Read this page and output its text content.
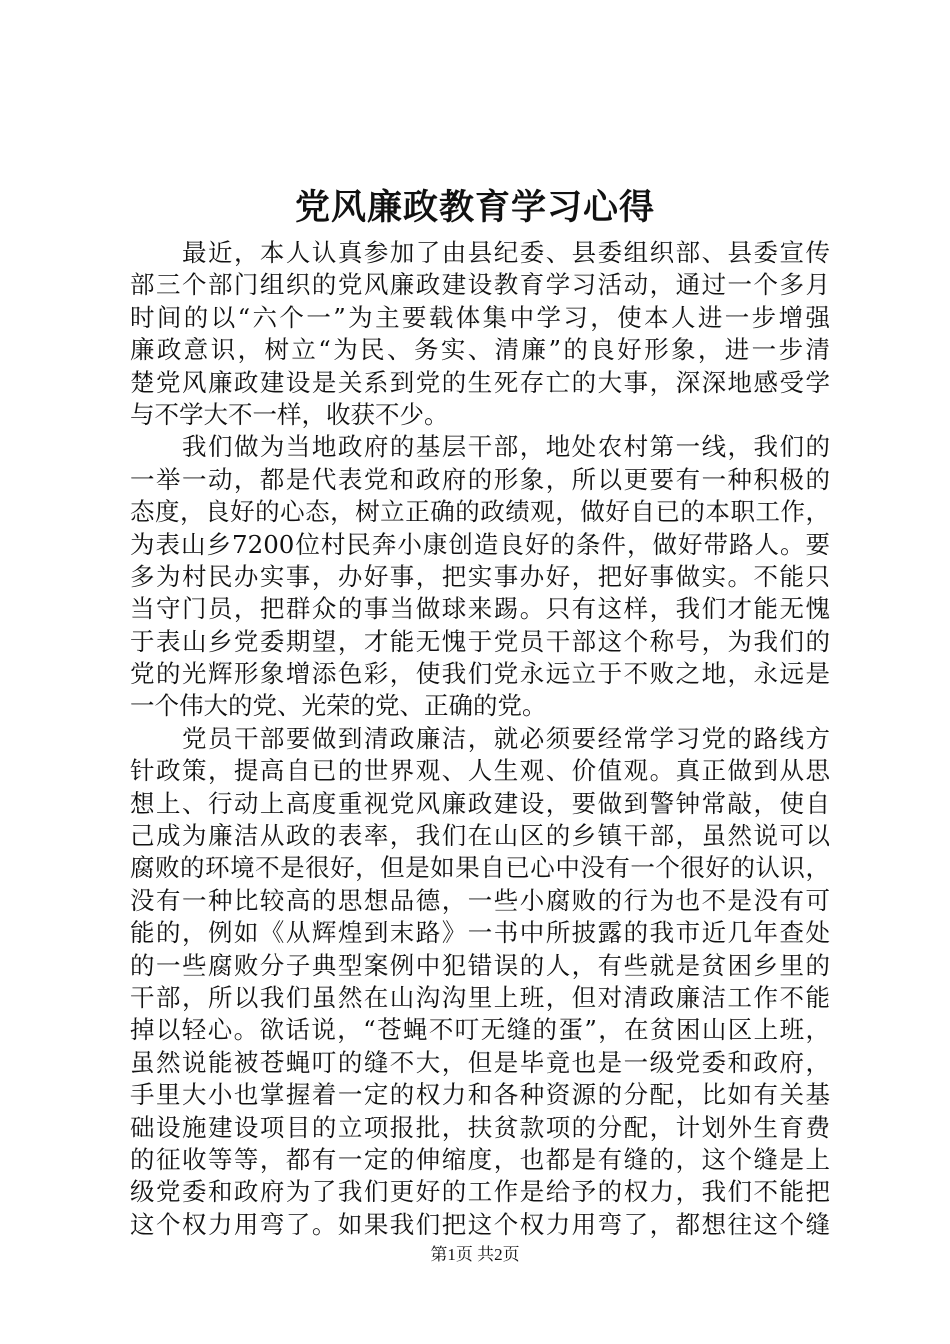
党风廉政教育学习心得
最近，本人认真参加了由县纪委、县委组织部、县委宣传
部三个部门组织的党风廉政建设教育学习活动，通过一个多月
时间的以“六个一”为主要载体集中学习，使本人进一步增强
廉政意识，树立“为民、务实、清廉”的良好形象，进一步清
楚党风廉政建设是关系到党的生死存亡的大事，深深地感受学
与不学大不一样，收获不少。
我们做为当地政府的基层干部，地处农村第一线，我们的
一举一动，都是代表党和政府的形象，所以更要有一种积极的
态度，良好的心态，树立正确的政绩观，做好自已的本职工作，
为表山乡7200位村民奔小康创造良好的条件，做好带路人。要
多为村民办实事，办好事，把实事办好，把好事做实。不能只
当守门员，把群众的事当做球来踢。只有这样，我们才能无愧
于表山乡党委期望，才能无愧于党员干部这个称号，为我们的
党的光辉形象增添色彩，使我们党永远立于不败之地，永远是
一个伟大的党、光荣的党、正确的党。
党员干部要做到清政廉洁，就必须要经常学习党的路线方
针政策，提高自已的世界观、人生观、价值观。真正做到从思
想上、行动上高度重视党风廉政建设，要做到警钟常敲，使自
己成为廉洁从政的表率，我们在山区的乡镇干部，虽然说可以
腐败的环境不是很好，但是如果自已心中没有一个很好的认识，
没有一种比较高的思想品德，一些小腐败的行为也不是没有可
能的，例如《从辉煌到末路》一书中所披露的我市近几年查处
的一些腐败分子典型案例中犯错误的人，有些就是贫困乡里的
干部，所以我们虽然在山沟沟里上班，但对清政廉洁工作不能
掉以轻心。欲话说，“苍蝇不叮无缝的蛋”，在贫困山区上班，
虽然说能被苍蝇叮的缝不大，但是毕竟也是一级党委和政府，
手里大小也掌握着一定的权力和各种资源的分配，比如有关基
础设施建设项目的立项报批，扶贫款项的分配，计划外生育费
的征收等等，都有一定的伸缩度，也都是有缝的，这个缝是上
级党委和政府为了我们更好的工作是给予的权力，我们不能把
这个权力用弯了。如果我们把这个权力用弯了，都想往这个缝
第1页 共2页
